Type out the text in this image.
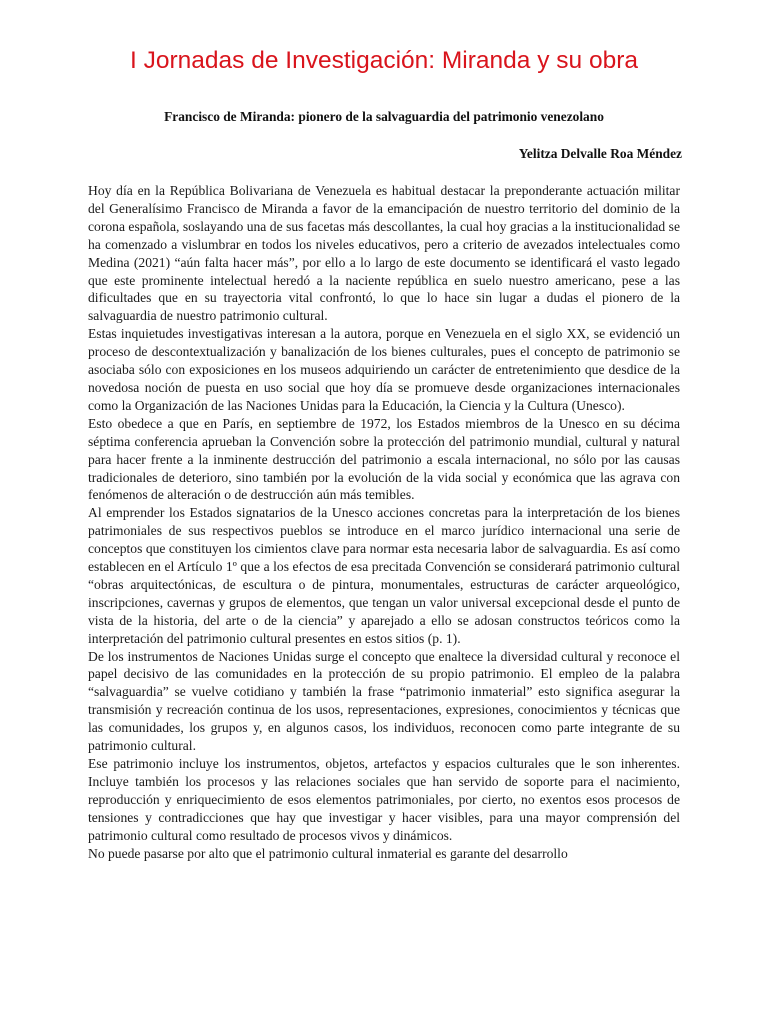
I Jornadas de Investigación: Miranda y su obra
Francisco de Miranda: pionero de la salvaguardia del patrimonio venezolano
Yelitza Delvalle Roa Méndez

Hoy día en la República Bolivariana de Venezuela es habitual destacar la preponderante actuación militar del Generalísimo Francisco de Miranda a favor de la emancipación de nuestro territorio del dominio de la corona española, soslayando una de sus facetas más descollantes, la cual hoy gracias a la institucionalidad se ha comenzado a vislumbrar en todos los niveles educativos, pero a criterio de avezados intelectuales como Medina (2021) “aún falta hacer más”, por ello a lo largo de este documento se identificará el vasto legado que este prominente intelectual heredó a la naciente república en suelo nuestro americano, pese a las dificultades que en su trayectoria vital confrontó, lo que lo hace sin lugar a dudas el pionero de la salvaguardia de nuestro patrimonio cultural.

Estas inquietudes investigativas interesan a la autora, porque en Venezuela en el siglo XX, se evidenció un proceso de descontextualización y banalización de los bienes culturales, pues el concepto de patrimonio se asociaba sólo con exposiciones en los museos adquiriendo un carácter de entretenimiento que desdice de la novedosa noción de puesta en uso social que hoy día se promueve desde organizaciones internacionales como la Organización de las Naciones Unidas para la Educación, la Ciencia y la Cultura (Unesco).

Esto obedece a que en París, en septiembre de 1972, los Estados miembros de la Unesco en su décima séptima conferencia aprueban la Convención sobre la protección del patrimonio mundial, cultural y natural para hacer frente a la inminente destrucción del patrimonio a escala internacional, no sólo por las causas tradicionales de deterioro, sino también por la evolución de la vida social y económica que las agrava con fenómenos de alteración o de destrucción aún más temibles.

Al emprender los Estados signatarios de la Unesco acciones concretas para la interpretación de los bienes patrimoniales de sus respectivos pueblos se introduce en el marco jurídico internacional una serie de conceptos que constituyen los cimientos clave para normar esta necesaria labor de salvaguardia. Es así como establecen en el Artículo 1º que a los efectos de esa precitada Convención se considerará patrimonio cultural “obras arquitectónicas, de escultura o de pintura, monumentales, estructuras de carácter arqueológico, inscripciones, cavernas y grupos de elementos, que tengan un valor universal excepcional desde el punto de vista de la historia, del arte o de la ciencia” y aparejado a ello se adosan constructos teóricos como la interpretación del patrimonio cultural presentes en estos sitios (p. 1).

De los instrumentos de Naciones Unidas surge el concepto que enaltece la diversidad cultural y reconoce el papel decisivo de las comunidades en la protección de su propio patrimonio. El empleo de la palabra “salvaguardia” se vuelve cotidiano y también la frase “patrimonio inmaterial” esto significa asegurar la transmisión y recreación continua de los usos, representaciones, expresiones, conocimientos y técnicas que las comunidades, los grupos y, en algunos casos, los individuos, reconocen como parte integrante de su patrimonio cultural.

Ese patrimonio incluye los instrumentos, objetos, artefactos y espacios culturales que le son inherentes. Incluye también los procesos y las relaciones sociales que han servido de soporte para el nacimiento, reproducción y enriquecimiento de esos elementos patrimoniales, por cierto, no exentos esos procesos de tensiones y contradicciones que hay que investigar y hacer visibles, para una mayor comprensión del patrimonio cultural como resultado de procesos vivos y dinámicos.

No puede pasarse por alto que el patrimonio cultural inmaterial es garante del desarrollo
